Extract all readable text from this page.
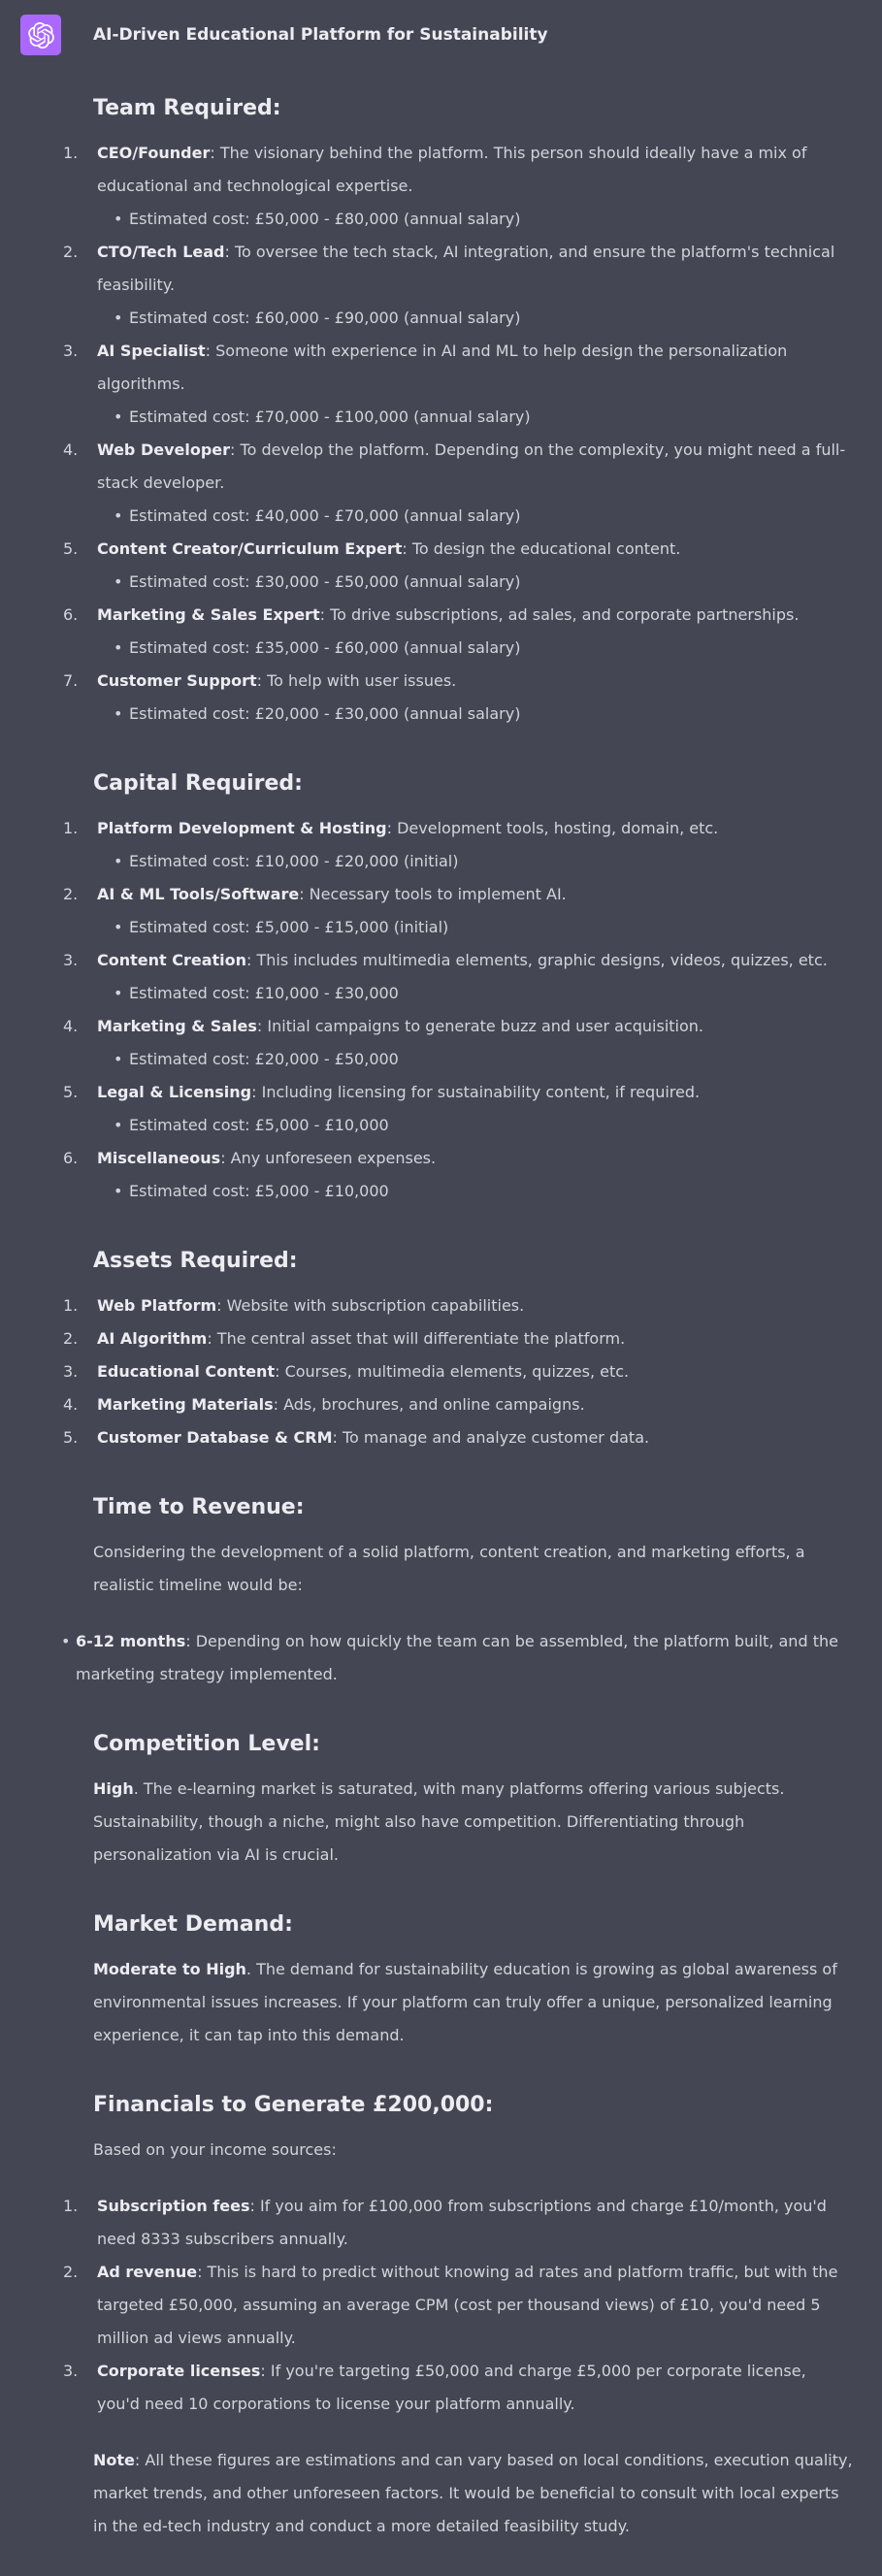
AI-Driven Educational Platform for Sustainability
Team Required:
1. CEO/Founder: The visionary behind the platform. This person should ideally have a mix of educational and technological expertise.
• Estimated cost: £50,000 - £80,000 (annual salary)
2. CTO/Tech Lead: To oversee the tech stack, AI integration, and ensure the platform's technical feasibility.
• Estimated cost: £60,000 - £90,000 (annual salary)
3. AI Specialist: Someone with experience in AI and ML to help design the personalization algorithms.
• Estimated cost: £70,000 - £100,000 (annual salary)
4. Web Developer: To develop the platform. Depending on the complexity, you might need a full-stack developer.
• Estimated cost: £40,000 - £70,000 (annual salary)
5. Content Creator/Curriculum Expert: To design the educational content.
• Estimated cost: £30,000 - £50,000 (annual salary)
6. Marketing & Sales Expert: To drive subscriptions, ad sales, and corporate partnerships.
• Estimated cost: £35,000 - £60,000 (annual salary)
7. Customer Support: To help with user issues.
• Estimated cost: £20,000 - £30,000 (annual salary)
Capital Required:
1. Platform Development & Hosting: Development tools, hosting, domain, etc.
• Estimated cost: £10,000 - £20,000 (initial)
2. AI & ML Tools/Software: Necessary tools to implement AI.
• Estimated cost: £5,000 - £15,000 (initial)
3. Content Creation: This includes multimedia elements, graphic designs, videos, quizzes, etc.
• Estimated cost: £10,000 - £30,000
4. Marketing & Sales: Initial campaigns to generate buzz and user acquisition.
• Estimated cost: £20,000 - £50,000
5. Legal & Licensing: Including licensing for sustainability content, if required.
• Estimated cost: £5,000 - £10,000
6. Miscellaneous: Any unforeseen expenses.
• Estimated cost: £5,000 - £10,000
Assets Required:
1. Web Platform: Website with subscription capabilities.
2. AI Algorithm: The central asset that will differentiate the platform.
3. Educational Content: Courses, multimedia elements, quizzes, etc.
4. Marketing Materials: Ads, brochures, and online campaigns.
5. Customer Database & CRM: To manage and analyze customer data.
Time to Revenue:

Considering the development of a solid platform, content creation, and marketing efforts, a realistic timeline would be:

• 6-12 months: Depending on how quickly the team can be assembled, the platform built, and the marketing strategy implemented.
Competition Level:

High. The e-learning market is saturated, with many platforms offering various subjects. Sustainability, though a niche, might also have competition. Differentiating through personalization via AI is crucial.

Market Demand:

Moderate to High. The demand for sustainability education is growing as global awareness of environmental issues increases. If your platform can truly offer a unique, personalized learning experience, it can tap into this demand.

Financials to Generate £200,000:

Based on your income sources:

1. Subscription fees: If you aim for £100,000 from subscriptions and charge £10/month, you'd need 8333 subscribers annually.
2. Ad revenue: This is hard to predict without knowing ad rates and platform traffic, but with the targeted £50,000, assuming an average CPM (cost per thousand views) of £10, you'd need 5 million ad views annually.
3. Corporate licenses: If you're targeting £50,000 and charge £5,000 per corporate license, you'd need 10 corporations to license your platform annually.

Note: All these figures are estimations and can vary based on local conditions, execution quality, market trends, and other unforeseen factors. It would be beneficial to consult with local experts in the ed-tech industry and conduct a more detailed feasibility study.
